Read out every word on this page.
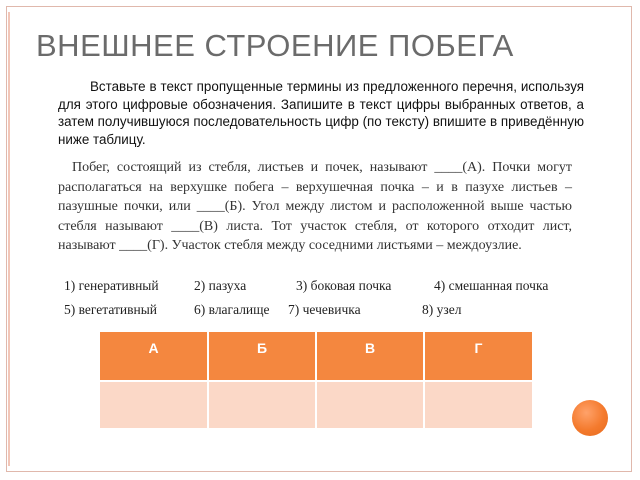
ВНЕШНЕЕ СТРОЕНИЕ ПОБЕГА
Вставьте в текст пропущенные термины из предложенного перечня, используя для этого цифровые обозначения. Запишите в текст цифры выбранных ответов, а затем получившуюся последовательность цифр (по тексту) впишите в приведённую ниже таблицу.
Побег, состоящий из стебля, листьев и почек, называют ____(А). Почки могут располагаться на верхушке побега – верхушечная почка – и в пазухе листьев – пазушные почки, или ____(Б). Угол между листом и расположенной выше частью стебля называют ____(В) листа. Тот участок стебля, от которого отходит лист, называют ____(Г). Участок стебля между соседними листьями – междоузлие.
1) генеративный	2) пазуха	3) боковая почка	4) смешанная почка
5) вегетативный	6) влагалище 7) чечевичка	8) узел
А	Б	В	Г
